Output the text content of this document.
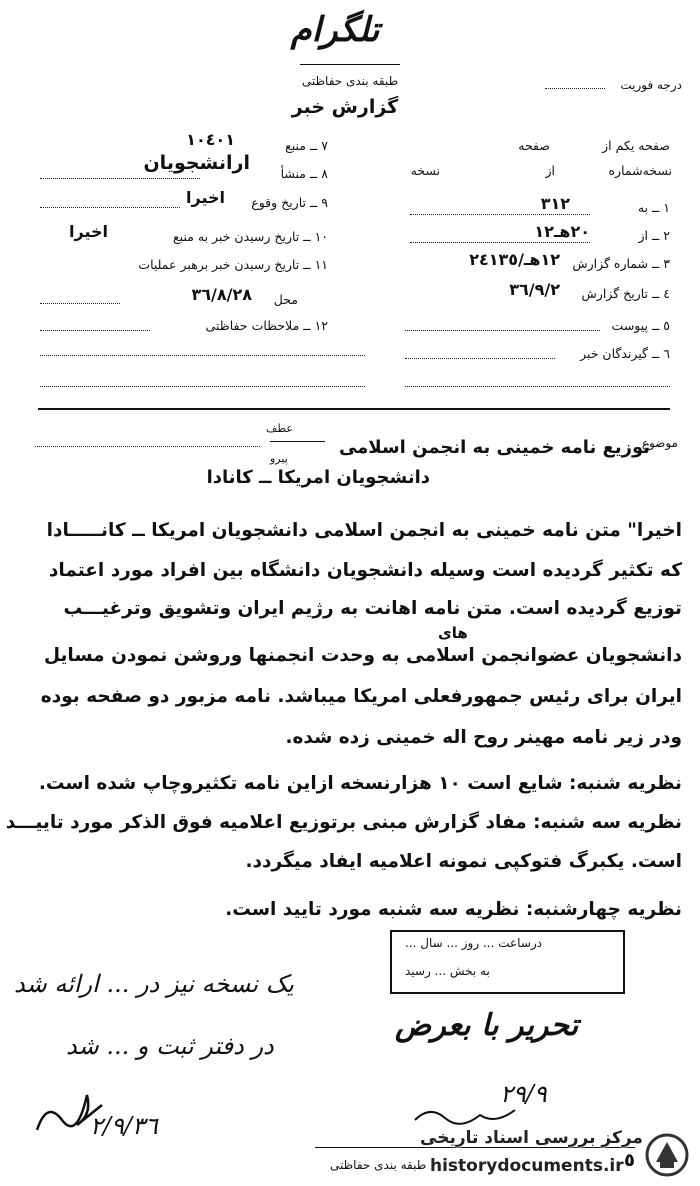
تلگرام
طبقه بندی حفاظتی
گزارش خبر
درجه فوریت
صفحه یکم از
صفحه
نسخه‌شماره
از
نسخه
١ ــ به
٣١٢
٢ ــ از
٢٠هـ١٢
٣ ــ شماره گزارش
١٢هـ/٢٤١٣٥
٤ ــ تاریخ گزارش
٣٦/٩/٢
٥ ــ پیوست
٦ ــ گیرندگان خبر
٧ ــ منبع
١٠٤٠١
٨ ــ منشأ
ارانشجویان
٩ ــ تاریخ وقوع
اخیرا
١٠ ــ تاریخ رسیدن خبر به منبع
اخیرا
١١ ــ تاریخ رسیدن خبر برهبر عملیات
محل
٣٦/٨/٢٨
١٢ ــ ملاحظات حفاظتی
موضوع
توزیع نامه خمینی به انجمن اسلامی
دانشجویان امریکا ــ کانادا
عطف
پیرو
اخیرا" متن نامه خمینی به انجمن اسلامی دانشجویان امریکا ــ کانـــــادا
که تکثیر گردیده است وسیله دانشجویان دانشگاه بین افراد مورد اعتماد
توزیع گردیده است. متن نامه اهانت به رژیم ایران وتشویق وترغیـــب
های
دانشجویان عضوانجمن اسلامی به وحدت انجمنها وروشن نمودن مسایل
ایران برای رئیس جمهورفعلی امریکا میباشد. نامه مزبور دو صفحه بوده
ودر زیر نامه مهینر روح اله خمینی زده شده.
نظریه شنبه: شایع است ١٠ هزارنسخه ازاین نامه تکثیروچاپ شده است.
نظریه سه شنبه: مفاد گزارش مبنی برتوزیع اعلامیه فوق الذکر مورد تاییـــد
است. یکبرگ فتوکپی نمونه اعلامیه ایفاد میگردد.
نظریه چهارشنبه: نظریه سه شنبه مورد تایید است.
درساعت ... روز ... سال ...
به بخش ... رسید
تحریر با بعرض
٢٩/٩
یک نسخه نیز در ... ارائه شد
در دفتر ثبت و ... شد
٢/٩/٣٦
طبقه بندی حفاظتی	٥
مرکز بررسی اسناد تاریخی
historydocuments.ir
